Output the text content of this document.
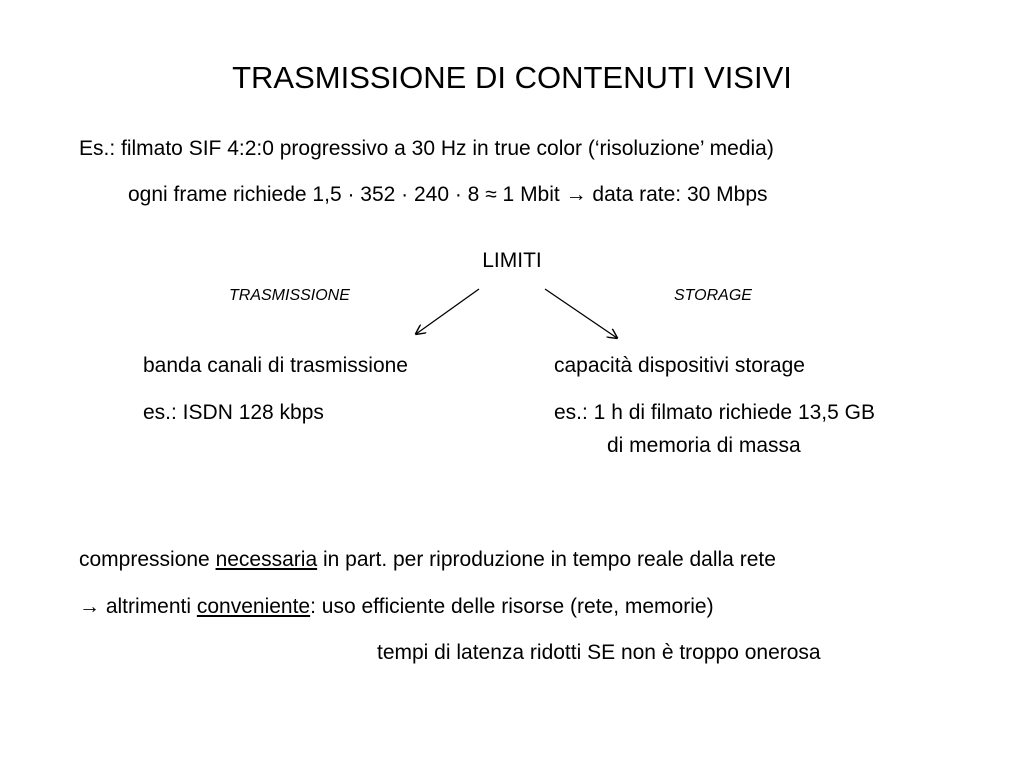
TRASMISSIONE DI CONTENUTI VISIVI
Es.: filmato SIF 4:2:0 progressivo a 30 Hz in true color (‘risoluzione’ media)
ogni frame richiede 1,5 · 352 · 240 · 8 ≈ 1 Mbit → data rate: 30 Mbps
LIMITI
TRASMISSIONE	STORAGE
banda canali di trasmissione
es.: ISDN 128 kbps
capacità dispositivi storage
es.: 1 h di filmato richiede 13,5 GB
di memoria di massa
compressione necessaria in part. per riproduzione in tempo reale dalla rete
→ altrimenti conveniente: uso efficiente delle risorse (rete, memorie)
tempi di latenza ridotti SE non è troppo onerosa
